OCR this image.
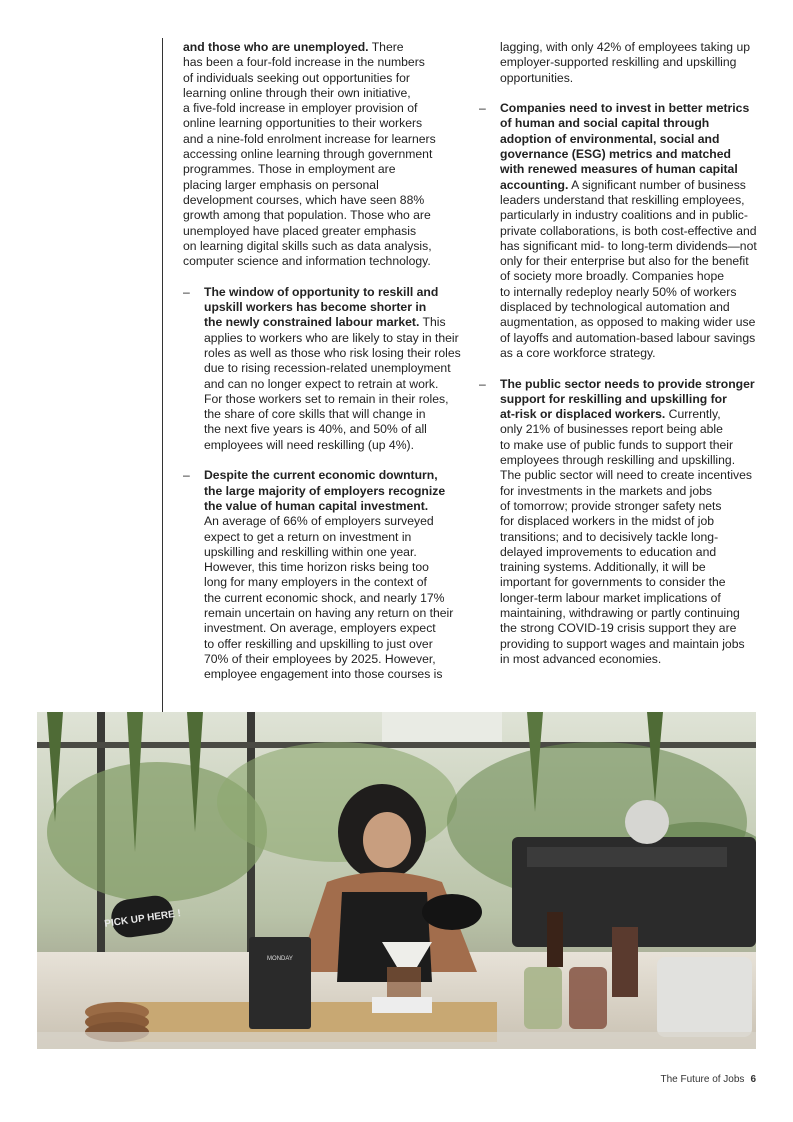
and those who are unemployed. There

has been a four-fold increase in the numbers

of individuals seeking out opportunities for

learning online through their own initiative,

a five-fold increase in employer provision of

online learning opportunities to their workers

and a nine-fold enrolment increase for learners

accessing online learning through government

programmes. Those in employment are

placing larger emphasis on personal

development courses, which have seen 88%

growth among that population. Those who are

unemployed have placed greater emphasis

on learning digital skills such as data analysis,

computer science and information technology.

– The window of opportunity to reskill and

upskill workers has become shorter in

the newly constrained labour market. This

applies to workers who are likely to stay in their

roles as well as those who risk losing their roles

due to rising recession-related unemployment

and can no longer expect to retrain at work.

For those workers set to remain in their roles,

the share of core skills that will change in

the next five years is 40%, and 50% of all

employees will need reskilling (up 4%).

– Despite the current economic downturn,

the large majority of employers recognize

the value of human capital investment.

An average of 66% of employers surveyed

expect to get a return on investment in

upskilling and reskilling within one year.

However, this time horizon risks being too

long for many employers in the context of

the current economic shock, and nearly 17%

remain uncertain on having any return on their

investment. On average, employers expect

to offer reskilling and upskilling to just over

70% of their employees by 2025. However,

employee engagement into those courses is

lagging, with only 42% of employees taking up

employer-supported reskilling and upskilling

opportunities.

– Companies need to invest in better metrics

of human and social capital through

adoption of environmental, social and

governance (ESG) metrics and matched

with renewed measures of human capital

accounting. A significant number of business

leaders understand that reskilling employees,

particularly in industry coalitions and in public-

private collaborations, is both cost-effective and

has significant mid- to long-term dividends—not

only for their enterprise but also for the benefit

of society more broadly. Companies hope

to internally redeploy nearly 50% of workers

displaced by technological automation and

augmentation, as opposed to making wider use

of layoffs and automation-based labour savings

as a core workforce strategy.

– The public sector needs to provide stronger

support for reskilling and upskilling for

at-risk or displaced workers. Currently,

only 21% of businesses report being able

to make use of public funds to support their

employees through reskilling and upskilling.

The public sector will need to create incentives

for investments in the markets and jobs

of tomorrow; provide stronger safety nets

for displaced workers in the midst of job

transitions; and to decisively tackle long-

delayed improvements to education and

training systems. Additionally, it will be

important for governments to consider the

longer-term labour market implications of

maintaining, withdrawing or partly continuing

the strong COVID-19 crisis support they are

providing to support wages and maintain jobs

in most advanced economies.

MONDAY
PICK UP HERE !
The Future of Jobs 6
